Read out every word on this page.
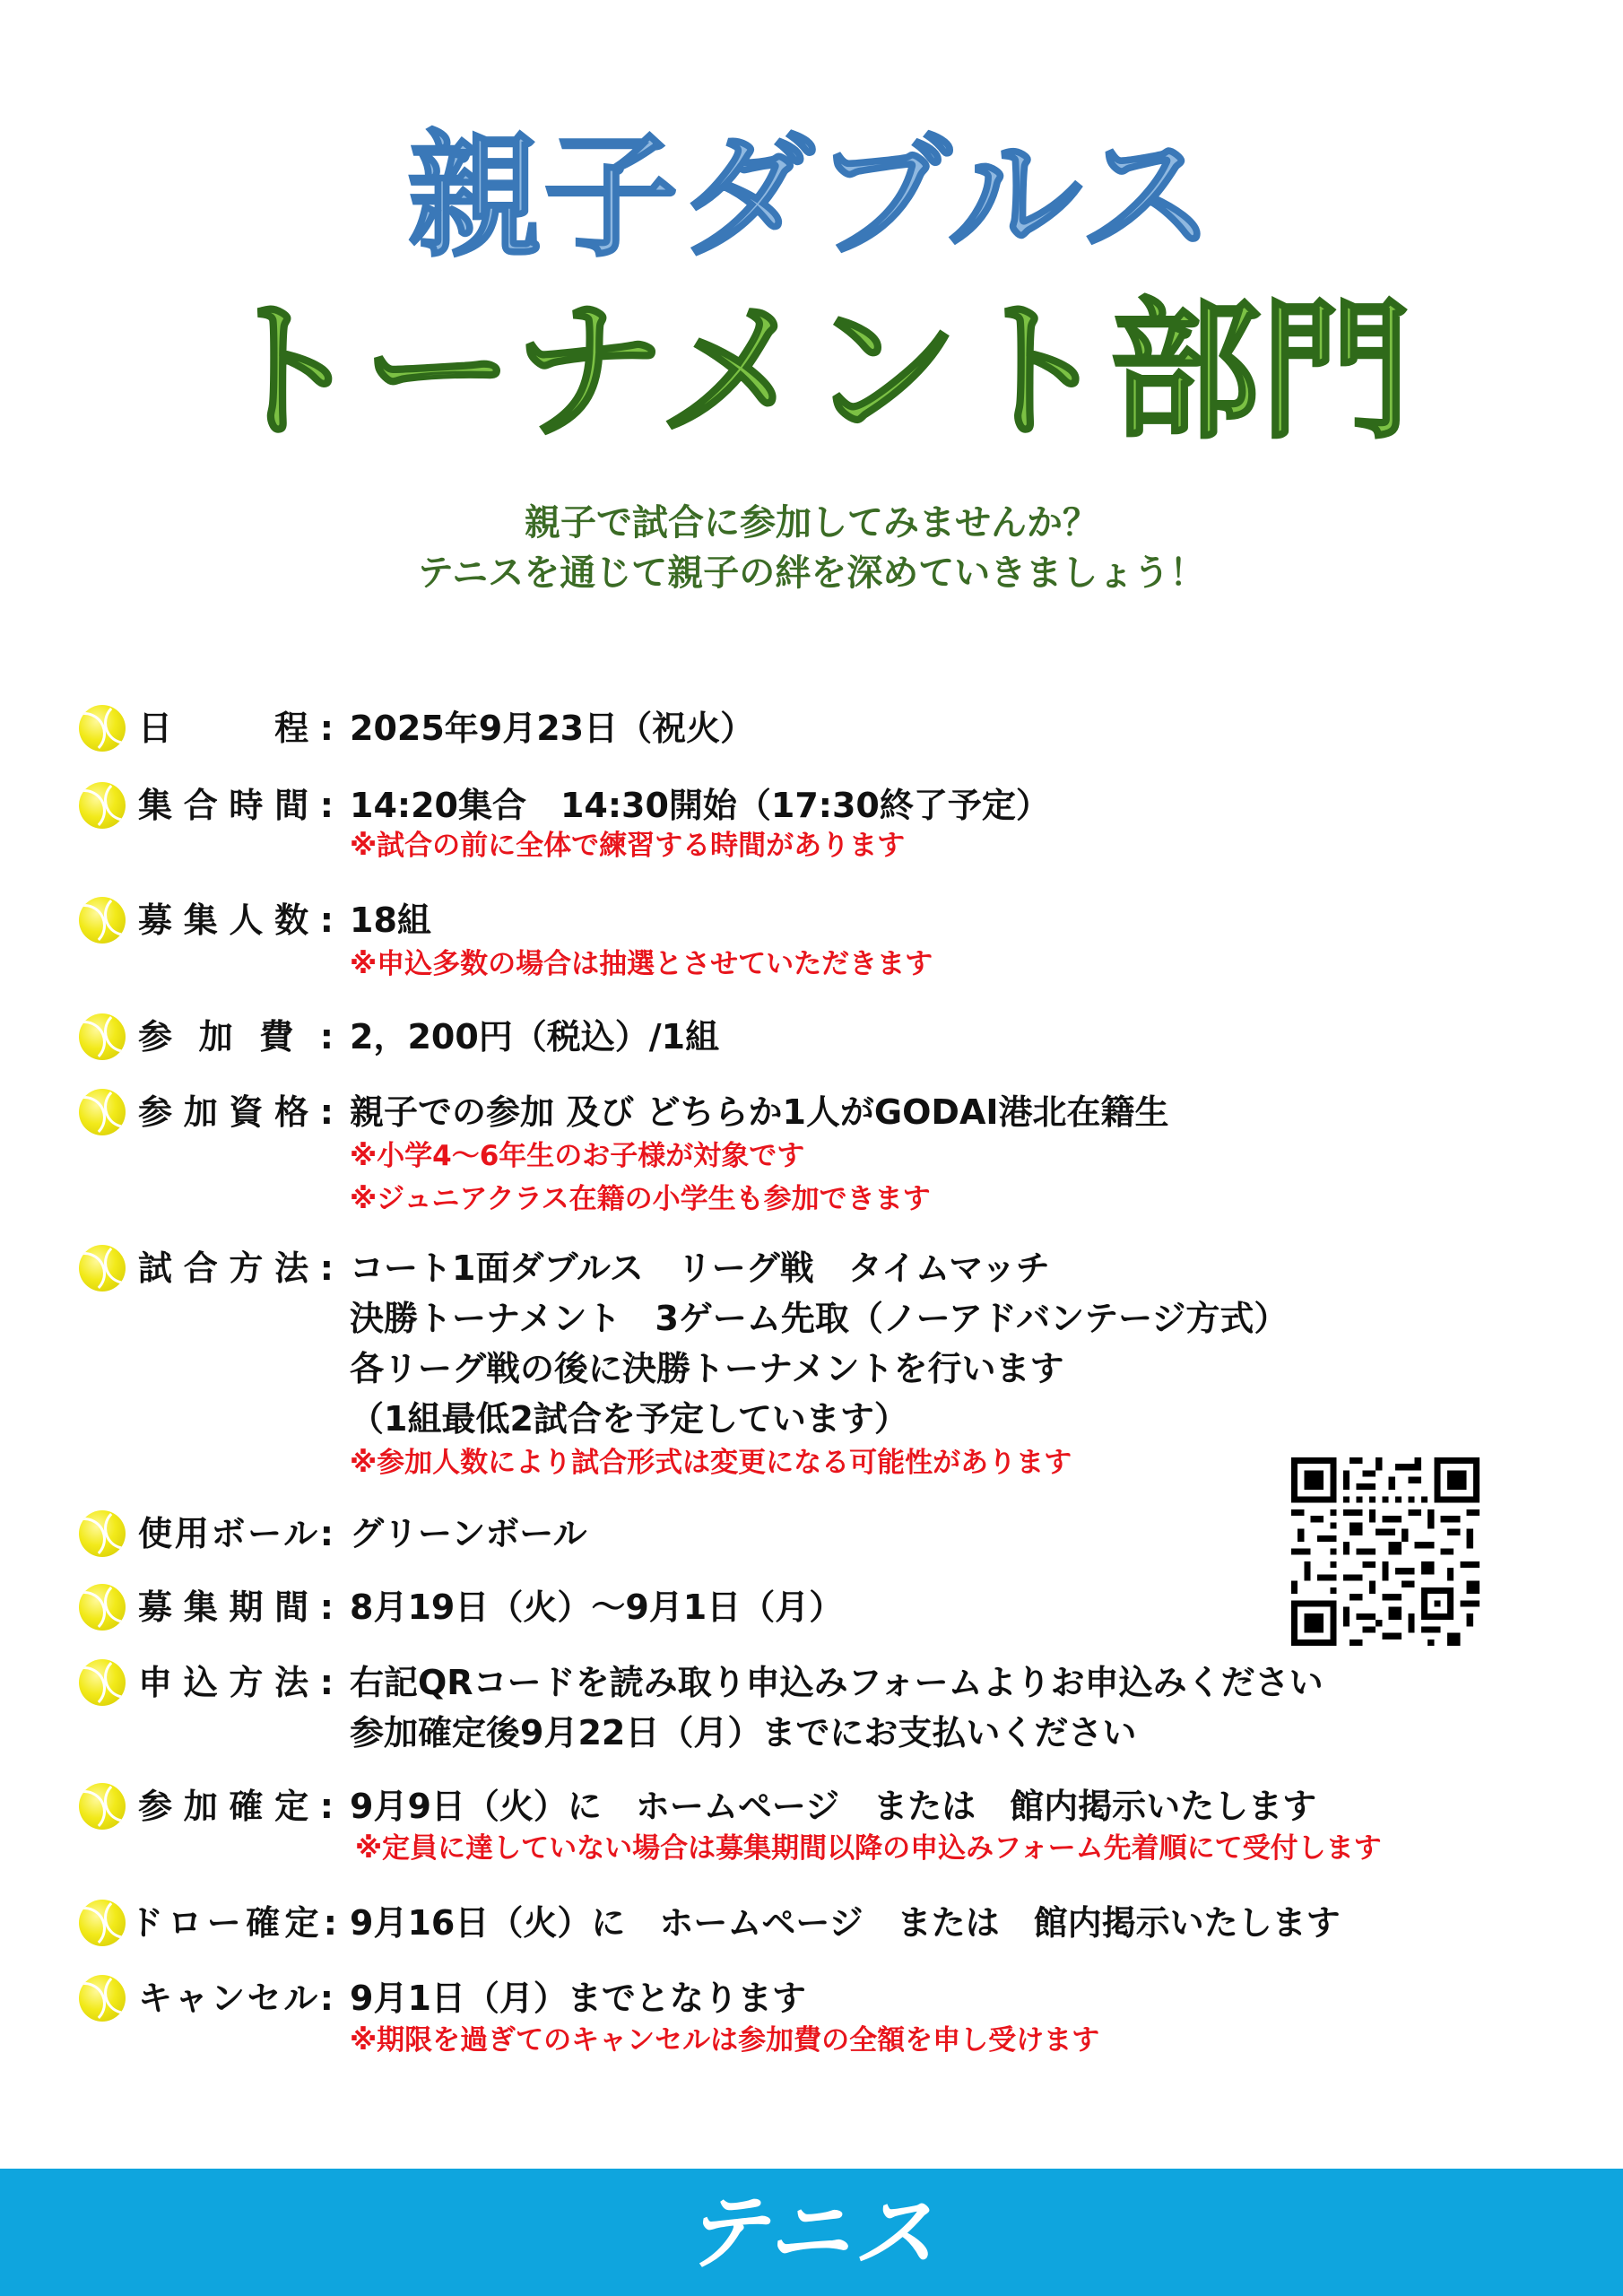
親子ダブルス
トーナメント部門
親子で試合に参加してみませんか？
テニスを通じて親子の絆を深めていきましょう！
日　　程: 2025年9月23日（祝火）
集合時間: 14:20集合　14:30開始（17:30終了予定）
※試合の前に全体で練習する時間があります
募集人数: 18組
※申込多数の場合は抽選とさせていただきます
参加費: 2，200円（税込）/1組
参加資格: 親子での参加 及び どちらか1人がGODAI港北在籍生
※小学4〜6年生のお子様が対象です
※ジュニアクラス在籍の小学生も参加できます
試合方法: コート1面ダブルス　リーグ戦　タイムマッチ
決勝トーナメント　3ゲーム先取（ノーアドバンテージ方式）
各リーグ戦の後に決勝トーナメントを行います
（1組最低2試合を予定しています）
※参加人数により試合形式は変更になる可能性があります
使用ボール: グリーンボール
募集期間: 8月19日（火）〜9月1日（月）
申込方法: 右記QRコードを読み取り申込みフォームよりお申込みください
参加確定後9月22日（月）までにお支払いください
参加確定: 9月9日（火）に　ホームページ　または　館内掲示いたします
※定員に達していない場合は募集期間以降の申込みフォーム先着順にて受付します
ドロー確定: 9月16日（火）に　ホームページ　または　館内掲示いたします
キャンセル: 9月1日（月）までとなります
※期限を過ぎてのキャンセルは参加費の全額を申し受けます
テニス
